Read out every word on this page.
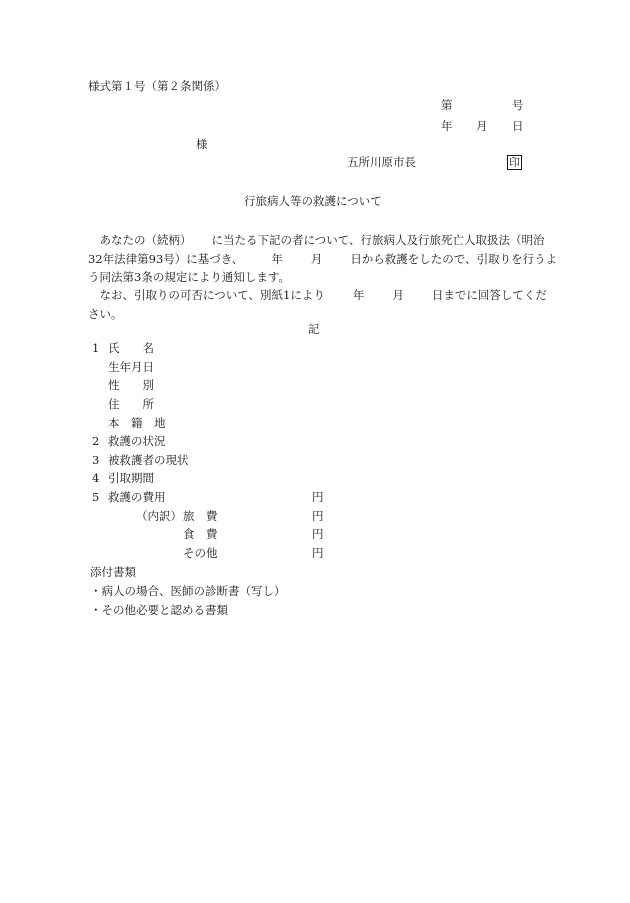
様式第１号（第２条関係）
第	号
年 月 日
様
五所川原市長	印
行旅病人等の救護について
　あなたの（続柄） に当たる下記の者について、行旅病人及行旅死亡人取扱法（明治
32年法律第93号）に基づき、 年 月 日から救護をしたので、引取りを行うよ
う同法第3条の規定により通知します。
　なお、引取りの可否について、別紙1により 年 月 日までに回答してくだ
さい。
記
1 氏　　名
生年月日
性　　別
住　　所
本　籍　地
2 救護の状況
3 被救護者の現状
4 引取期間
5 救護の費用	円
（内訳） 旅　費	円
食　費	円
その他	円
添付書類
・病人の場合、医師の診断書（写し）
・その他必要と認める書類
